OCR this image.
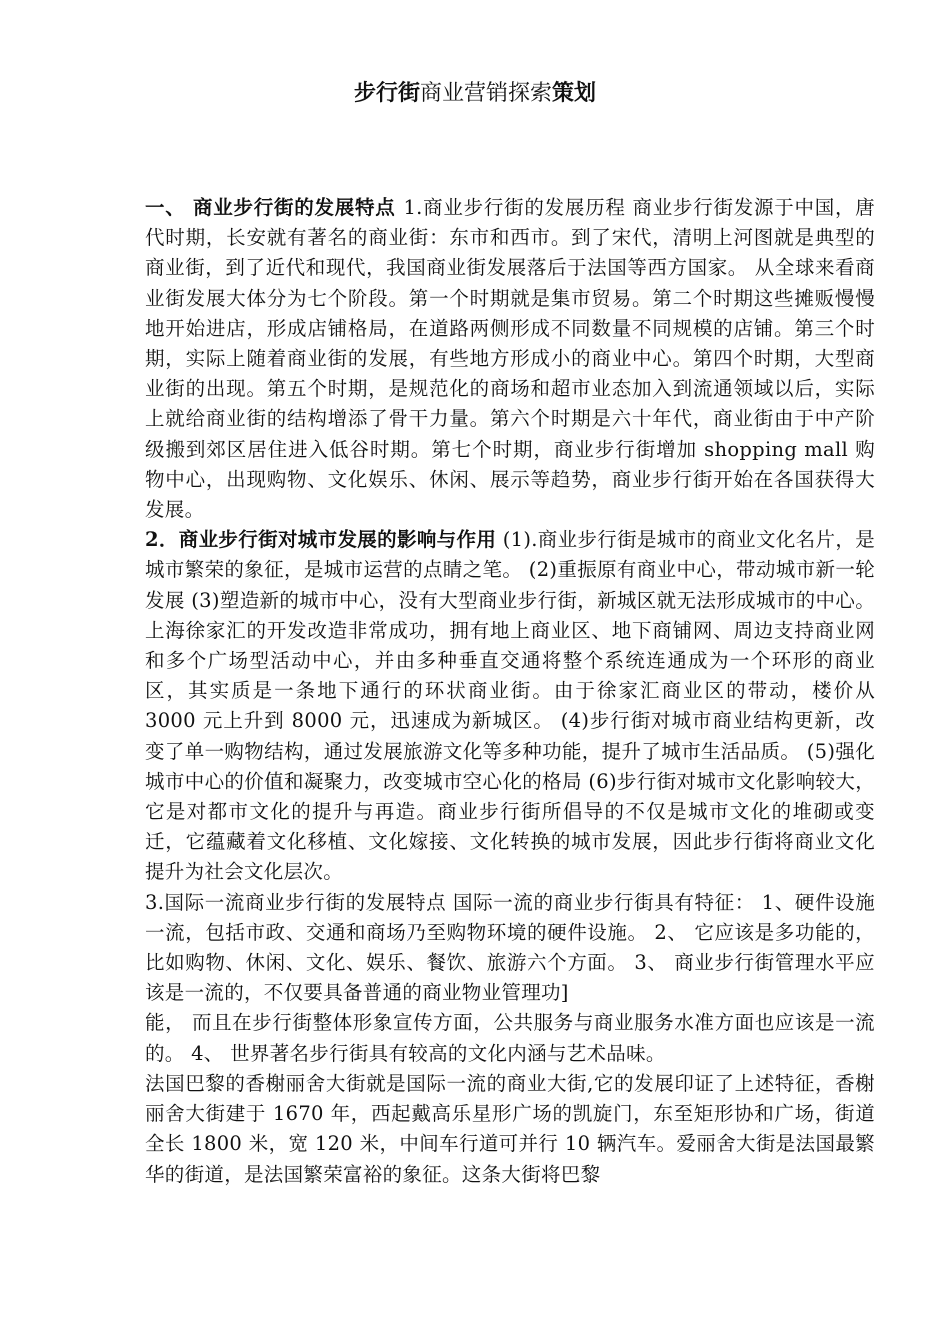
步行街商业营销探索策划

一、 商业步行街的发展特点 1.商业步行街的发展历程 商业步行街发源于中国，唐代时期，长安就有著名的商业街：东市和西市。到了宋代，清明上河图就是典型的商业街，到了近代和现代，我国商业街发展落后于法国等西方国家。 从全球来看商业街发展大体分为七个阶段。第一个时期就是集市贸易。第二个时期这些摊贩慢慢地开始进店，形成店铺格局，在道路两侧形成不同数量不同规模的店铺。第三个时期，实际上随着商业街的发展，有些地方形成小的商业中心。第四个时期，大型商业街的出现。第五个时期，是规范化的商场和超市业态加入到流通领域以后，实际上就给商业街的结构增添了骨干力量。第六个时期是六十年代，商业街由于中产阶级搬到郊区居住进入低谷时期。第七个时期，商业步行街增加 shopping mall 购物中心，出现购物、文化娱乐、休闲、展示等趋势，商业步行街开始在各国获得大发展。

2．商业步行街对城市发展的影响与作用 (1).商业步行街是城市的商业文化名片，是城市繁荣的象征，是城市运营的点睛之笔。 (2)重振原有商业中心，带动城市新一轮发展 (3)塑造新的城市中心，没有大型商业步行街，新城区就无法形成城市的中心。上海徐家汇的开发改造非常成功，拥有地上商业区、地下商铺网、周边支持商业网和多个广场型活动中心，并由多种垂直交通将整个系统连通成为一个环形的商业区，其实质是一条地下通行的环状商业街。由于徐家汇商业区的带动，楼价从 3000 元上升到 8000 元，迅速成为新城区。 (4)步行街对城市商业结构更新，改变了单一购物结构，通过发展旅游文化等多种功能，提升了城市生活品质。 (5)强化城市中心的价值和凝聚力，改变城市空心化的格局 (6)步行街对城市文化影响较大，它是对都市文化的提升与再造。商业步行街所倡导的不仅是城市文化的堆砌或变迁，它蕴藏着文化移植、文化嫁接、文化转换的城市发展，因此步行街将商业文化提升为社会文化层次。

3.国际一流商业步行街的发展特点 国际一流的商业步行街具有特征： 1、硬件设施一流，包括市政、交通和商场乃至购物环境的硬件设施。 2、 它应该是多功能的，比如购物、休闲、文化、娱乐、餐饮、旅游六个方面。 3、 商业步行街管理水平应该是一流的，不仅要具备普通的商业物业管理功]

能， 而且在步行街整体形象宣传方面，公共服务与商业服务水准方面也应该是一流的。 4、 世界著名步行街具有较高的文化内涵与艺术品味。

法国巴黎的香榭丽舍大街就是国际一流的商业大街,它的发展印证了上述特征，香榭丽舍大街建于 1670 年，西起戴高乐星形广场的凯旋门，东至矩形协和广场，街道全长 1800 米，宽 120 米，中间车行道可并行 10 辆汽车。爱丽舍大街是法国最繁华的街道，是法国繁荣富裕的象征。这条大街将巴黎
